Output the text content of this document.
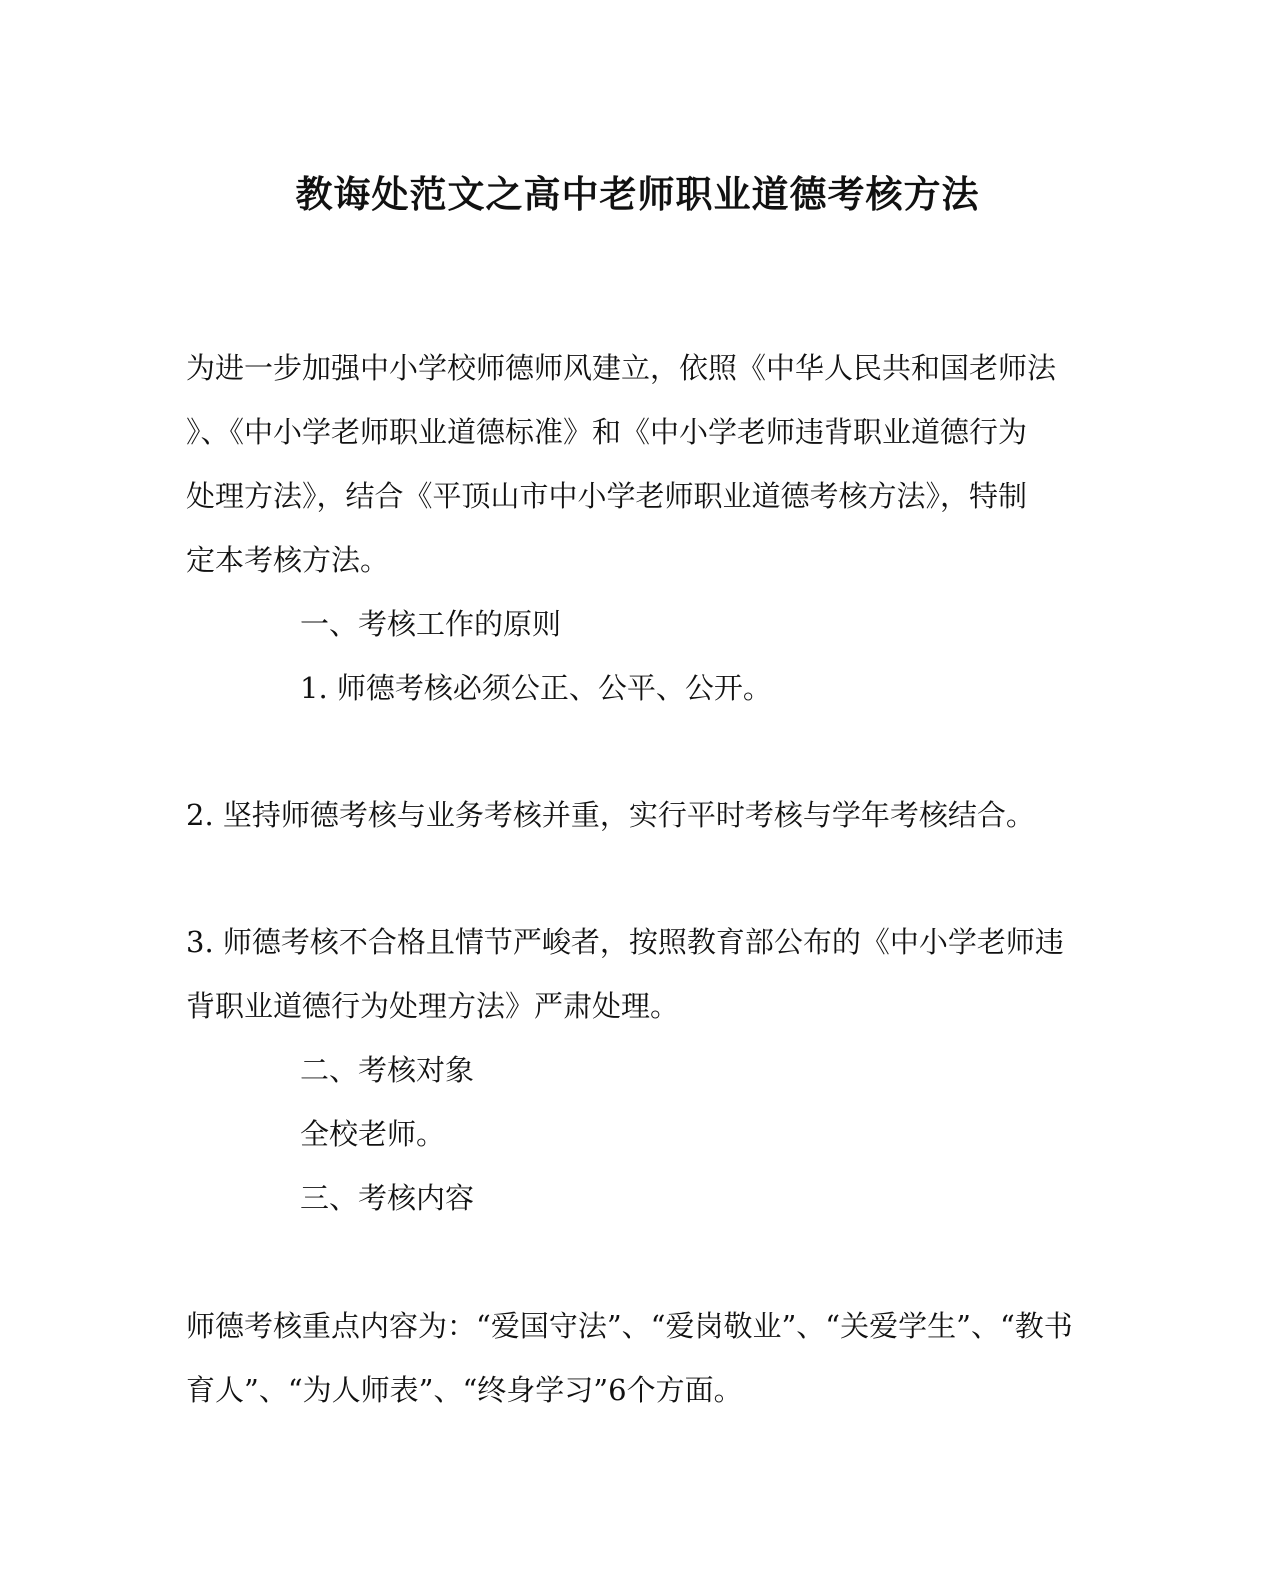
教诲处范文之高中老师职业道德考核方法

为进一步加强中小学校师德师风建立，依照《中华人民共和国老师法

》、《中小学老师职业道德标准》和《中小学老师违背职业道德行为

处理方法》，结合《平顶山市中小学老师职业道德考核方法》，特制

定本考核方法。

一、考核工作的原则

1. 师德考核必须公正、公平、公开。

2. 坚持师德考核与业务考核并重，实行平时考核与学年考核结合。

3. 师德考核不合格且情节严峻者，按照教育部公布的《中小学老师违

背职业道德行为处理方法》严肃处理。

二、考核对象

全校老师。

三、考核内容

师德考核重点内容为：“爱国守法”、“爱岗敬业”、“关爱学生”、“教书

育人”、“为人师表”、“终身学习”6个方面。
